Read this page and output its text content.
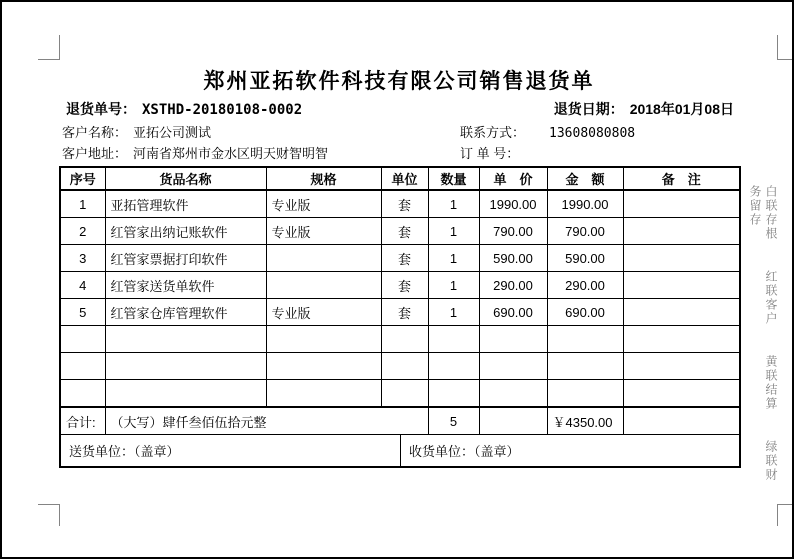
郑州亚拓软件科技有限公司销售退货单
退货单号： XSTHD-20180108-0002	退货日期： 2018年01月08日
客户名称： 亚拓公司测试	联系方式： 13608080808
客户地址： 河南省郑州市金水区明天财智明智	订 单 号：
序号	货品名称	规格	单位	数量	单　价	金　额	备　注
1	亚拓管理软件	专业版	套	1	1990.00	1990.00	
2	红管家出纳记账软件	专业版	套	1	790.00	790.00	
3	红管家票据打印软件		套	1	590.00	590.00	
4	红管家送货单软件		套	1	290.00	290.00	
5	红管家仓库管理软件	专业版	套	1	690.00	690.00	

合计:	（大写）肆仟叁佰伍拾元整			5		￥4350.00	

送货单位：（盖章） 收货单位：（盖章）							
白联存根 红联客户 黄联结算 绿联财务留存
